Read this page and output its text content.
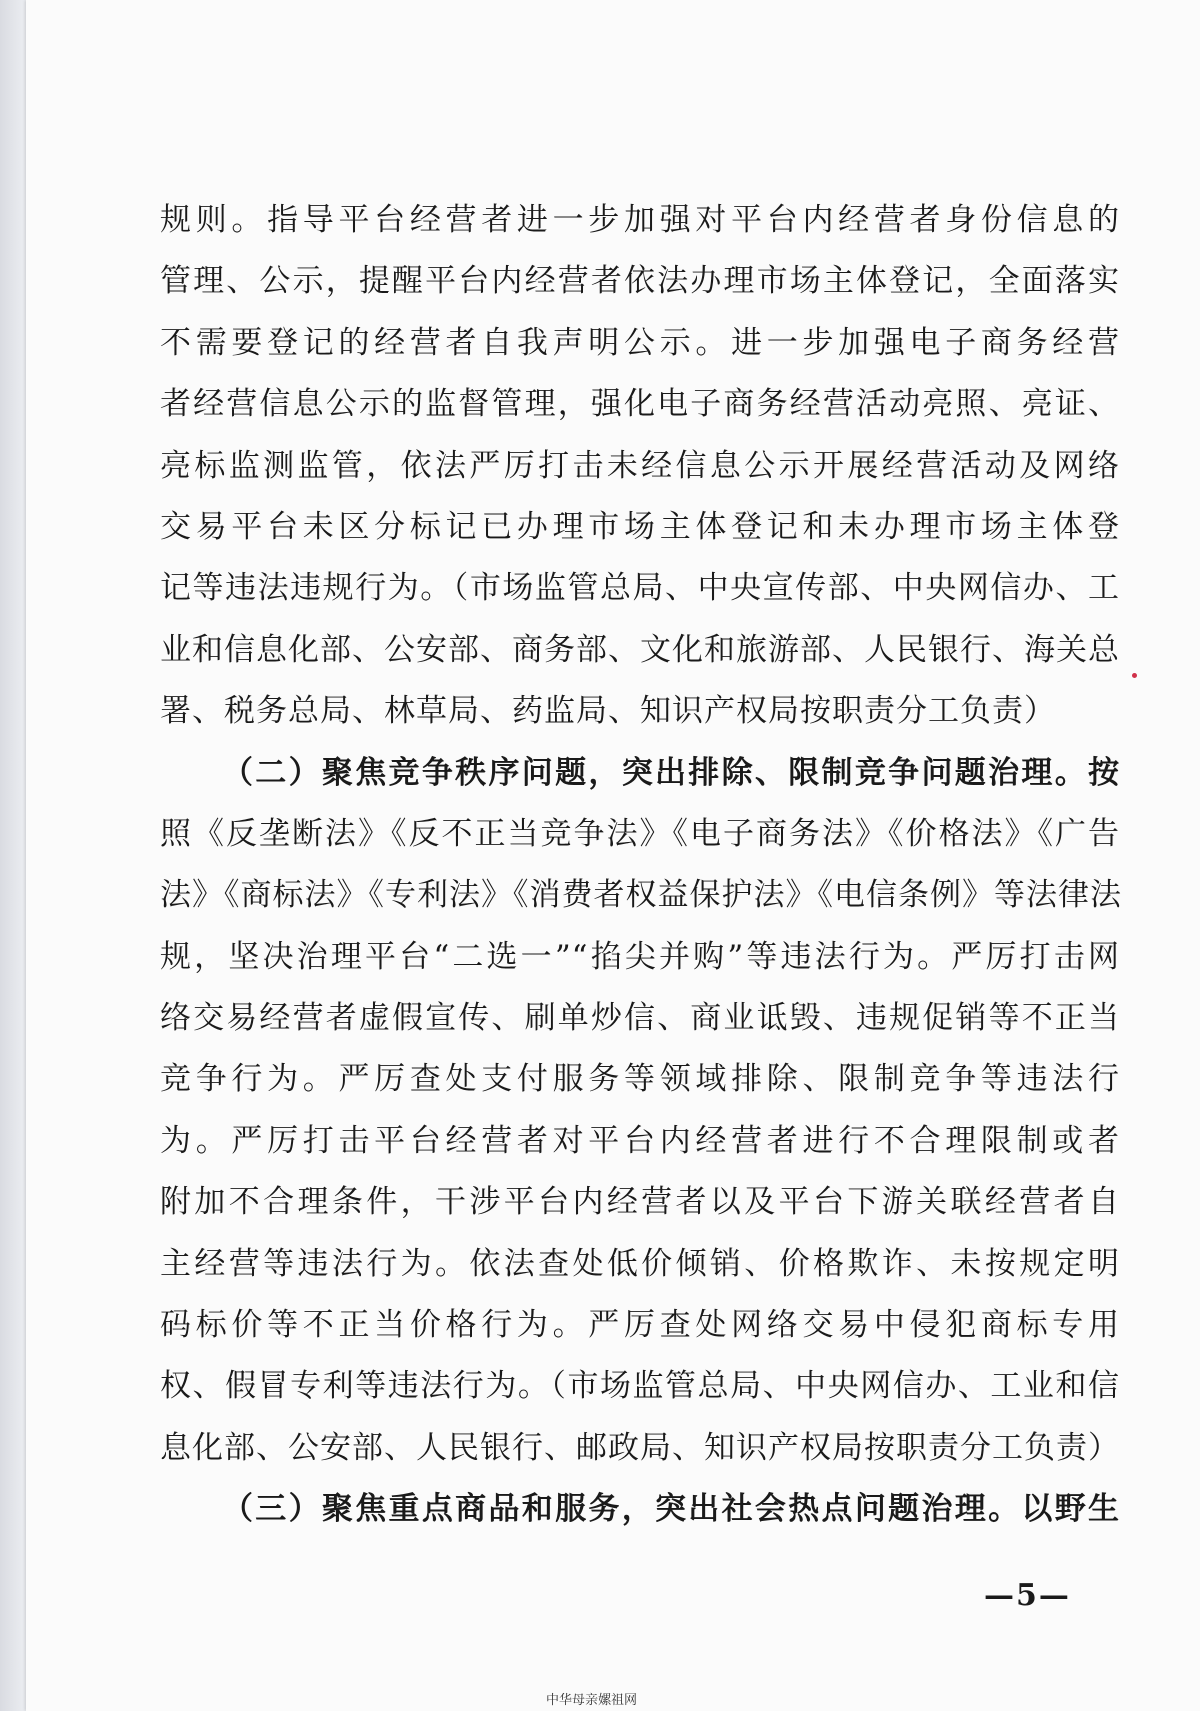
规则。指导平台经营者进一步加强对平台内经营者身份信息的
管理、公示，提醒平台内经营者依法办理市场主体登记，全面落实
不需要登记的经营者自我声明公示。进一步加强电子商务经营
者经营信息公示的监督管理，强化电子商务经营活动亮照、亮证、
亮标监测监管，依法严厉打击未经信息公示开展经营活动及网络
交易平台未区分标记已办理市场主体登记和未办理市场主体登
记等违法违规行为。（市场监管总局、中央宣传部、中央网信办、工
业和信息化部、公安部、商务部、文化和旅游部、人民银行、海关总
署、税务总局、林草局、药监局、知识产权局按职责分工负责）
（二）聚焦竞争秩序问题，突出排除、限制竞争问题治理。按
照《反垄断法》《反不正当竞争法》《电子商务法》《价格法》《广告
法》《商标法》《专利法》《消费者权益保护法》《电信条例》等法律法
规，坚决治理平台“二选一”“掐尖并购”等违法行为。严厉打击网
络交易经营者虚假宣传、刷单炒信、商业诋毁、违规促销等不正当
竞争行为。严厉查处支付服务等领域排除、限制竞争等违法行
为。严厉打击平台经营者对平台内经营者进行不合理限制或者
附加不合理条件，干涉平台内经营者以及平台下游关联经营者自
主经营等违法行为。依法查处低价倾销、价格欺诈、未按规定明
码标价等不正当价格行为。严厉查处网络交易中侵犯商标专用
权、假冒专利等违法行为。（市场监管总局、中央网信办、工业和信
息化部、公安部、人民银行、邮政局、知识产权局按职责分工负责）
（三）聚焦重点商品和服务，突出社会热点问题治理。以野生
—5—
中华母亲嫘祖网
